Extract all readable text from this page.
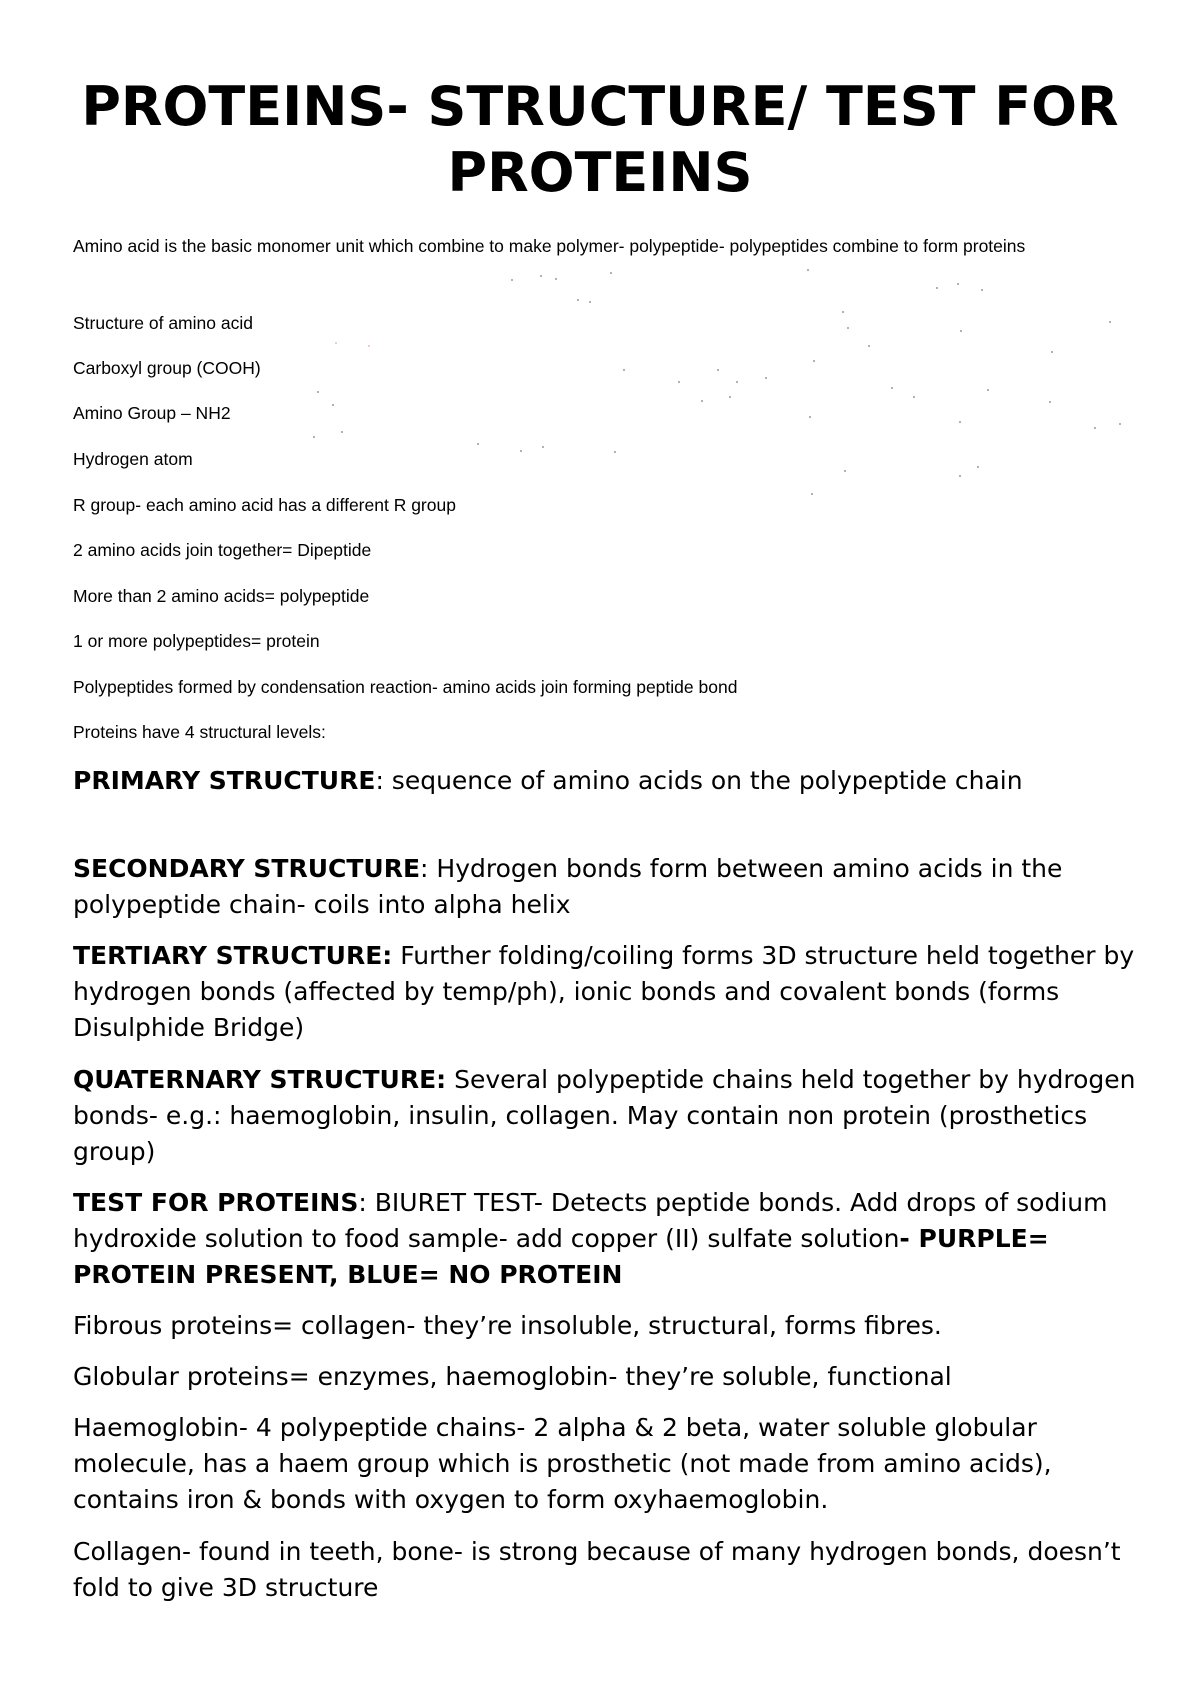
PROTEINS- STRUCTURE/ TEST FOR PROTEINS

Amino acid is the basic monomer unit which combine to make polymer- polypeptide- polypeptides combine to form proteins

Structure of amino acid

Carboxyl group (COOH)

Amino Group – NH2

Hydrogen atom

R group- each amino acid has a different R group

2 amino acids join together= Dipeptide

More than 2 amino acids= polypeptide

1 or more polypeptides= protein

Polypeptides formed by condensation reaction- amino acids join forming peptide bond

Proteins have 4 structural levels:

PRIMARY STRUCTURE: sequence of amino acids on the polypeptide chain

SECONDARY STRUCTURE: Hydrogen bonds form between amino acids in the polypeptide chain- coils into alpha helix

TERTIARY STRUCTURE: Further folding/coiling forms 3D structure held together by hydrogen bonds (affected by temp/ph), ionic bonds and covalent bonds (forms Disulphide Bridge)

QUATERNARY STRUCTURE: Several polypeptide chains held together by hydrogen bonds- e.g.: haemoglobin, insulin, collagen. May contain non protein (prosthetics group)

TEST FOR PROTEINS: BIURET TEST- Detects peptide bonds. Add drops of sodium hydroxide solution to food sample- add copper (II) sulfate solution- PURPLE= PROTEIN PRESENT, BLUE= NO PROTEIN

Fibrous proteins= collagen- they’re insoluble, structural, forms fibres.

Globular proteins= enzymes, haemoglobin- they’re soluble, functional

Haemoglobin- 4 polypeptide chains- 2 alpha & 2 beta, water soluble globular molecule, has a haem group which is prosthetic (not made from amino acids), contains iron & bonds with oxygen to form oxyhaemoglobin.

Collagen- found in teeth, bone- is strong because of many hydrogen bonds, doesn’t fold to give 3D structure
